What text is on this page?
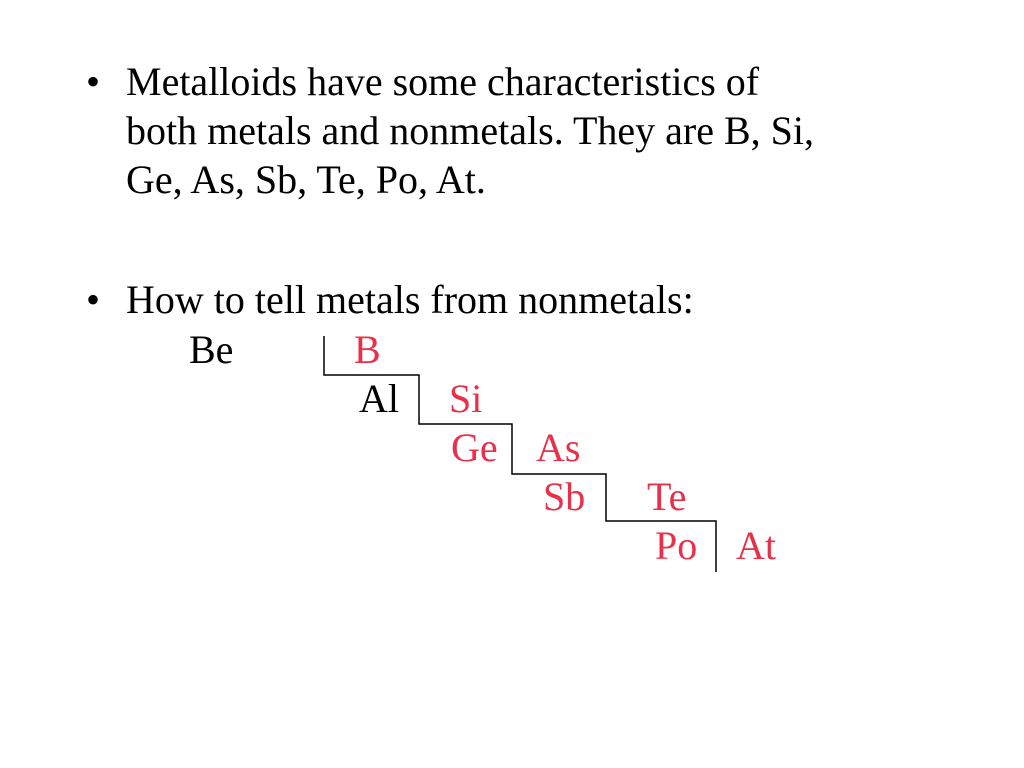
• Metalloids have some characteristics of
both metals and nonmetals. They are B, Si,
Ge, As, Sb, Te, Po, At.
• How to tell metals from nonmetals:
Be	B
Al Si
Ge As
Sb Te
Po At
